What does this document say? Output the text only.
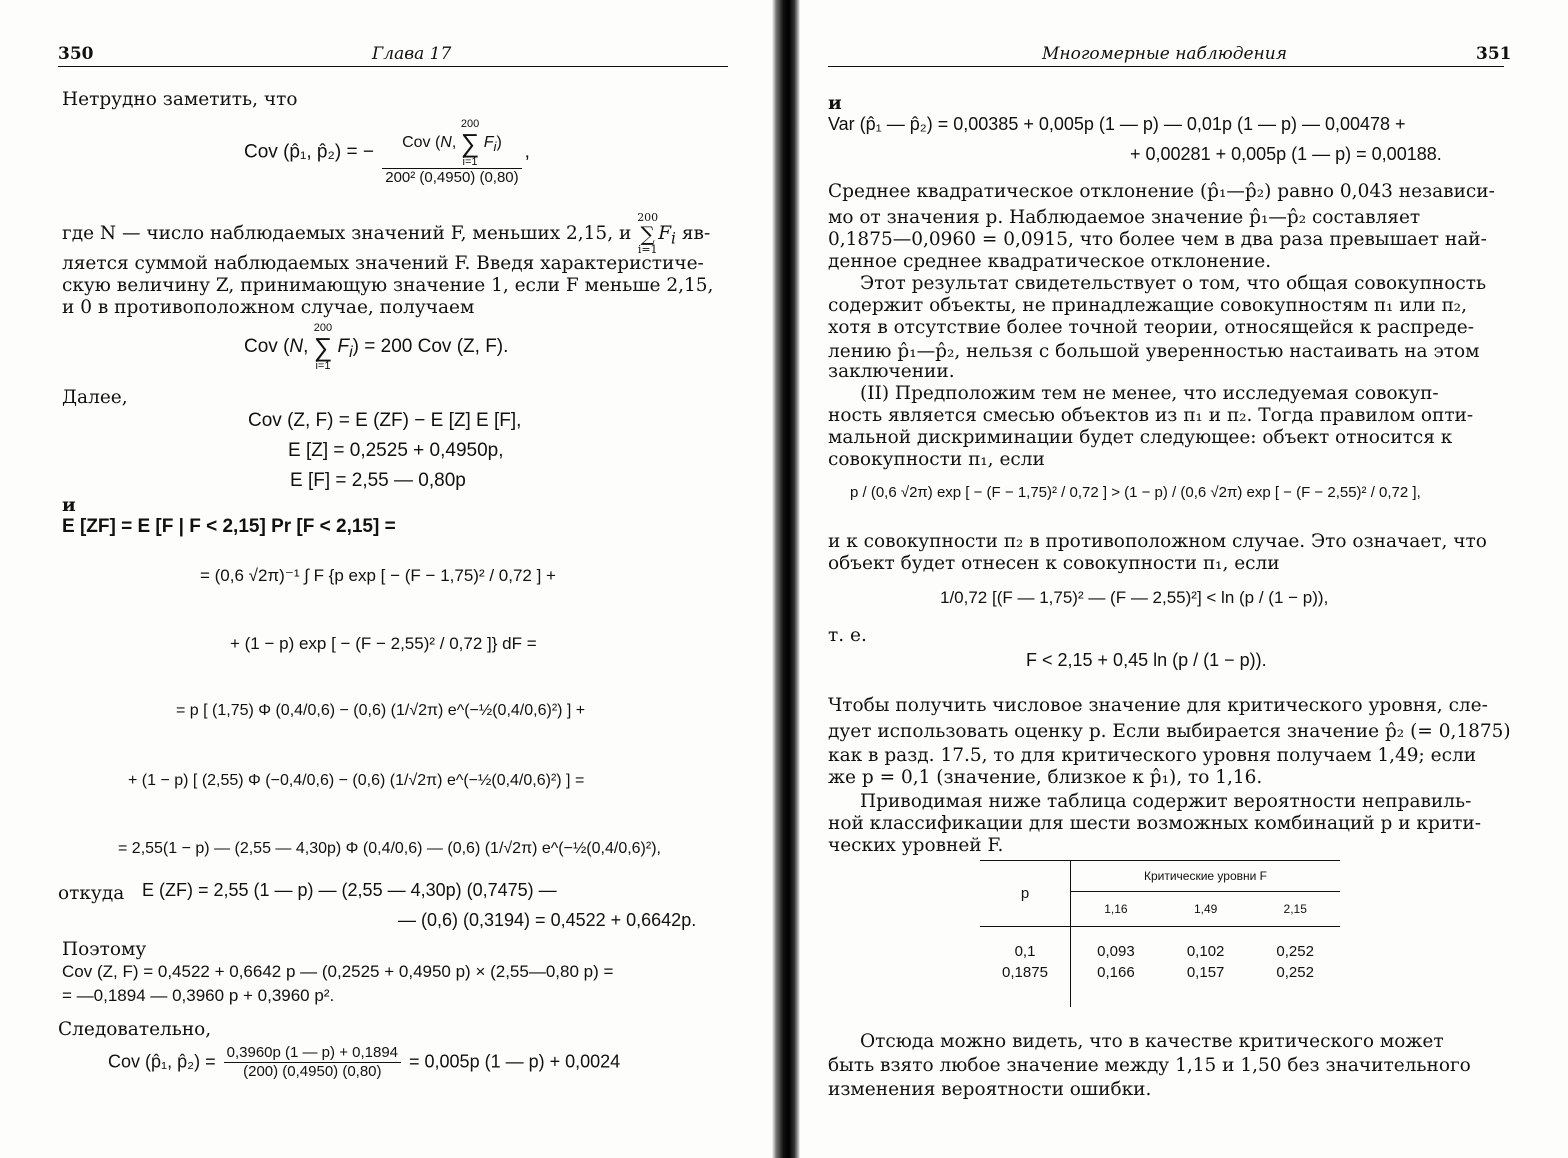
350	Глава 17
Нетрудно заметить, что
Cov (p̂₁, p̂₂) = − Cov (N,
200
∑
i=1
$F_i$)
200² (0,4950) (0,80) ,
где N — число наблюдаемых значений F, меньших 2,15, и
200
∑
i=1
$F_i$ яв-
ляется суммой наблюдаемых значений F. Введя характеристиче-
скую величину Z, принимающую значение 1, если F меньше 2,15,
и 0 в противоположном случае, получаем
Cov (N,
200
∑
i=1
$F_i) = 200$ Cov (Z, F).
Далее,
Cov (Z, F) = E (ZF) − E [Z] E [F],
E [Z] = 0,2525 + 0,4950p,
E [F] = 2,55 — 0,80p
и
E [ZF] = E [F | F < 2,15] Pr [F < 2,15] =
= (0,6 √2π)⁻¹ ∫ F {p exp [ − (F − 1,75)² / 0,72 ] +
+ (1 − p) exp [ − (F − 2,55)² / 0,72 ]} dF =
= p [ (1,75) Φ (0,4/0,6) − (0,6) (1/√2π) e^(−½(0,4/0,6)²) ] +
+ (1 − p) [ (2,55) Φ (−0,4/0,6) − (0,6) (1/√2π) e^(−½(0,4/0,6)²) ] =
= 2,55(1 − p) — (2,55 — 4,30p) Φ (0,4/0,6) — (0,6) (1/√2π) e^(−½(0,4/0,6)²),
откуда E (ZF) = 2,55 (1 — p) — (2,55 — 4,30p) (0,7475) —
— (0,6) (0,3194) = 0,4522 + 0,6642p.
Поэтому
Cov (Z, F) = 0,4522 + 0,6642 p — (0,2525 + 0,4950 p) × (2,55—0,80 p) =
= —0,1894 — 0,3960 p + 0,3960 p².
Следовательно,
Cov (p̂₁, p̂₂) = $\frac{0,3960p (1 — p) + 0,1894}{(200) (0,4950) (0,80)} = 0,005p$ (1 — p) + 0,0024
Многомерные наблюдения	351
и
Var (p̂₁ — p̂₂) = 0,00385 + 0,005p (1 — p) — 0,01p (1 — p) — 0,00478 +
+ 0,00281 + 0,005p (1 — p) = 0,00188.
Среднее квадратическое отклонение (p̂₁—p̂₂) равно 0,043 независи-
мо от значения p. Наблюдаемое значение p̂₁—p̂₂ составляет
0,1875—0,0960 = 0,0915, что более чем в два раза превышает най-
денное среднее квадратическое отклонение.
Этот результат свидетельствует о том, что общая совокупность
содержит объекты, не принадлежащие совокупностям π₁ или π₂,
хотя в отсутствие более точной теории, относящейся к распреде-
лению p̂₁—p̂₂, нельзя с большой уверенностью настаивать на этом
заключении.
(II) Предположим тем не менее, что исследуемая совокуп-
ность является смесью объектов из π₁ и π₂. Тогда правилом опти-
мальной дискриминации будет следующее: объект относится к
совокупности π₁, если
p / (0,6 √2π) exp [ − (F − 1,75)² / 0,72 ] > (1 − p) / (0,6 √2π) exp [ − (F − 2,55)² / 0,72 ],
и к совокупности π₂ в противоположном случае. Это означает, что
объект будет отнесен к совокупности π₁, если
1/0,72 [(F — 1,75)² — (F — 2,55)²] < ln (p / (1 − p)),
т. е.
F < 2,15 + 0,45 ln (p / (1 − p)).
Чтобы получить числовое значение для критического уровня, сле-
дует использовать оценку p. Если выбирается значение p̂₂ (= 0,1875)
как в разд. 17.5, то для критического уровня получаем 1,49; если
же p = 0,1 (значение, близкое к p̂₁), то 1,16.
Приводимая ниже таблица содержит вероятности неправиль-
ной классификации для шести возможных комбинаций p и крити-
ческих уровней F.
p	Критические уровни F		
	1,16	1,49	2,15
0,1	0,093	0,102	0,252
0,1875	0,166	0,157	0,252
Отсюда можно видеть, что в качестве критического может
быть взято любое значение между 1,15 и 1,50 без значительного
изменения вероятности ошибки.
